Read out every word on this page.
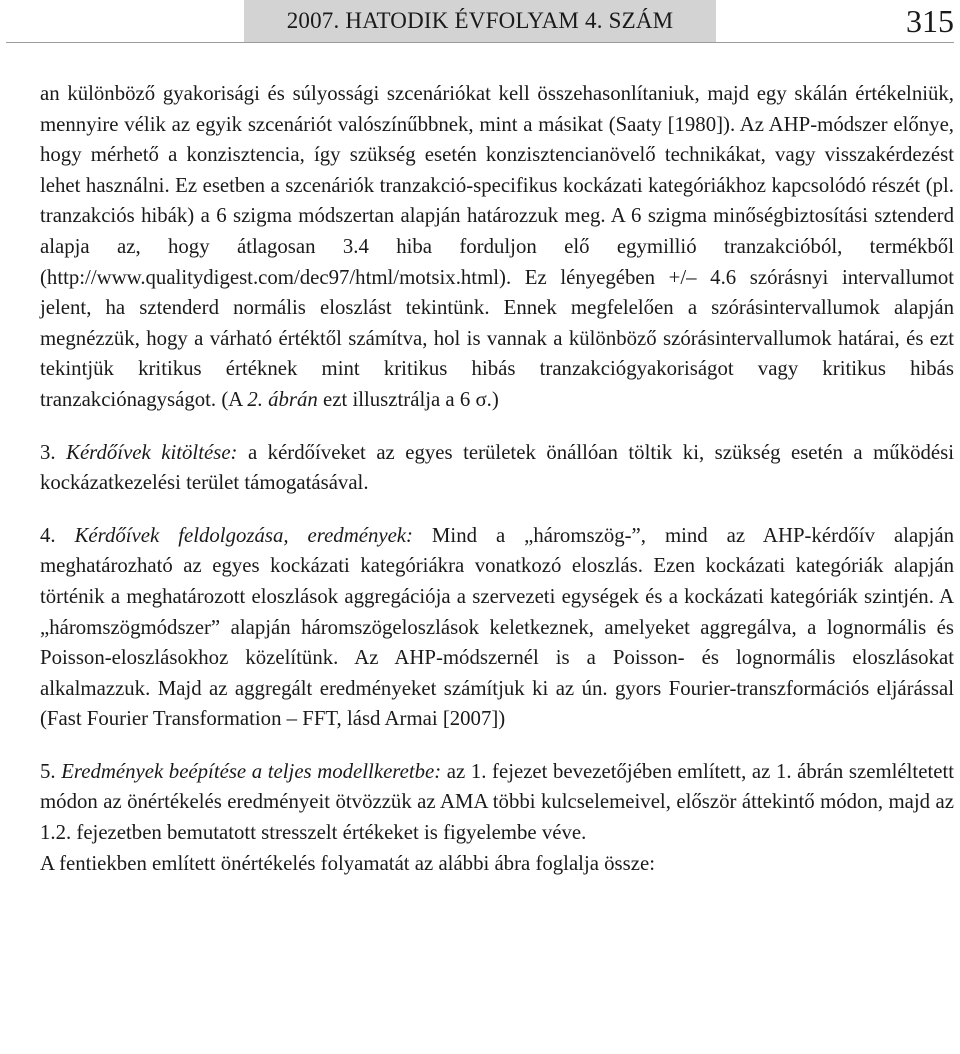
2007. HATODIK ÉVFOLYAM 4. SZÁM	315

an különböző gyakorisági és súlyossági szcenáriókat kell összehasonlítaniuk, majd egy skálán értékelniük, mennyire vélik az egyik szcenáriót valószínűbbnek, mint a másikat (Saaty [1980]). Az AHP-módszer előnye, hogy mérhető a konzisztencia, így szükség esetén konzisztencianövelő technikákat, vagy visszakérdezést lehet használni. Ez esetben a szcenáriók tranzakció-specifikus kockázati kategóriákhoz kapcsolódó részét (pl. tranzakciós hibák) a 6 szigma módszertan alapján határozzuk meg. A 6 szigma minőségbiztosítási sztenderd alapja az, hogy átlagosan 3.4 hiba forduljon elő egymillió tranzakcióból, termékből (http://www.qualitydigest.com/dec97/html/motsix.html). Ez lényegében +/– 4.6 szórásnyi intervallumot jelent, ha sztenderd normális eloszlást tekintünk. Ennek megfelelően a szórásintervallumok alapján megnézzük, hogy a várható értéktől számítva, hol is vannak a különböző szórásintervallumok határai, és ezt tekintjük kritikus értéknek mint kritikus hibás tranzakciógyakoriságot vagy kritikus hibás tranzakciónagyságot. (A 2. ábrán ezt illusztrálja a 6 σ.)

3. Kérdőívek kitöltése: a kérdőíveket az egyes területek önállóan töltik ki, szükség esetén a működési kockázatkezelési terület támogatásával.

4. Kérdőívek feldolgozása, eredmények: Mind a „háromszög-”, mind az AHP-kérdőív alapján meghatározható az egyes kockázati kategóriákra vonatkozó eloszlás. Ezen kockázati kategóriák alapján történik a meghatározott eloszlások aggregációja a szervezeti egységek és a kockázati kategóriák szintjén. A „háromszögmódszer” alapján háromszögeloszlások keletkeznek, amelyeket aggregálva, a lognormális és Poisson-eloszlásokhoz közelítünk. Az AHP-módszernél is a Poisson- és lognormális eloszlásokat alkalmazzuk. Majd az aggregált eredményeket számítjuk ki az ún. gyors Fourier-transzformációs eljárással (Fast Fourier Transformation – FFT, lásd Armai [2007])

5. Eredmények beépítése a teljes modellkeretbe: az 1. fejezet bevezetőjében említett, az 1. ábrán szemléltetett módon az önértékelés eredményeit ötvözzük az AMA többi kulcselemeivel, először áttekintő módon, majd az 1.2. fejezetben bemutatott stresszelt értékeket is figyelembe véve.

A fentiekben említett önértékelés folyamatát az alábbi ábra foglalja össze:
